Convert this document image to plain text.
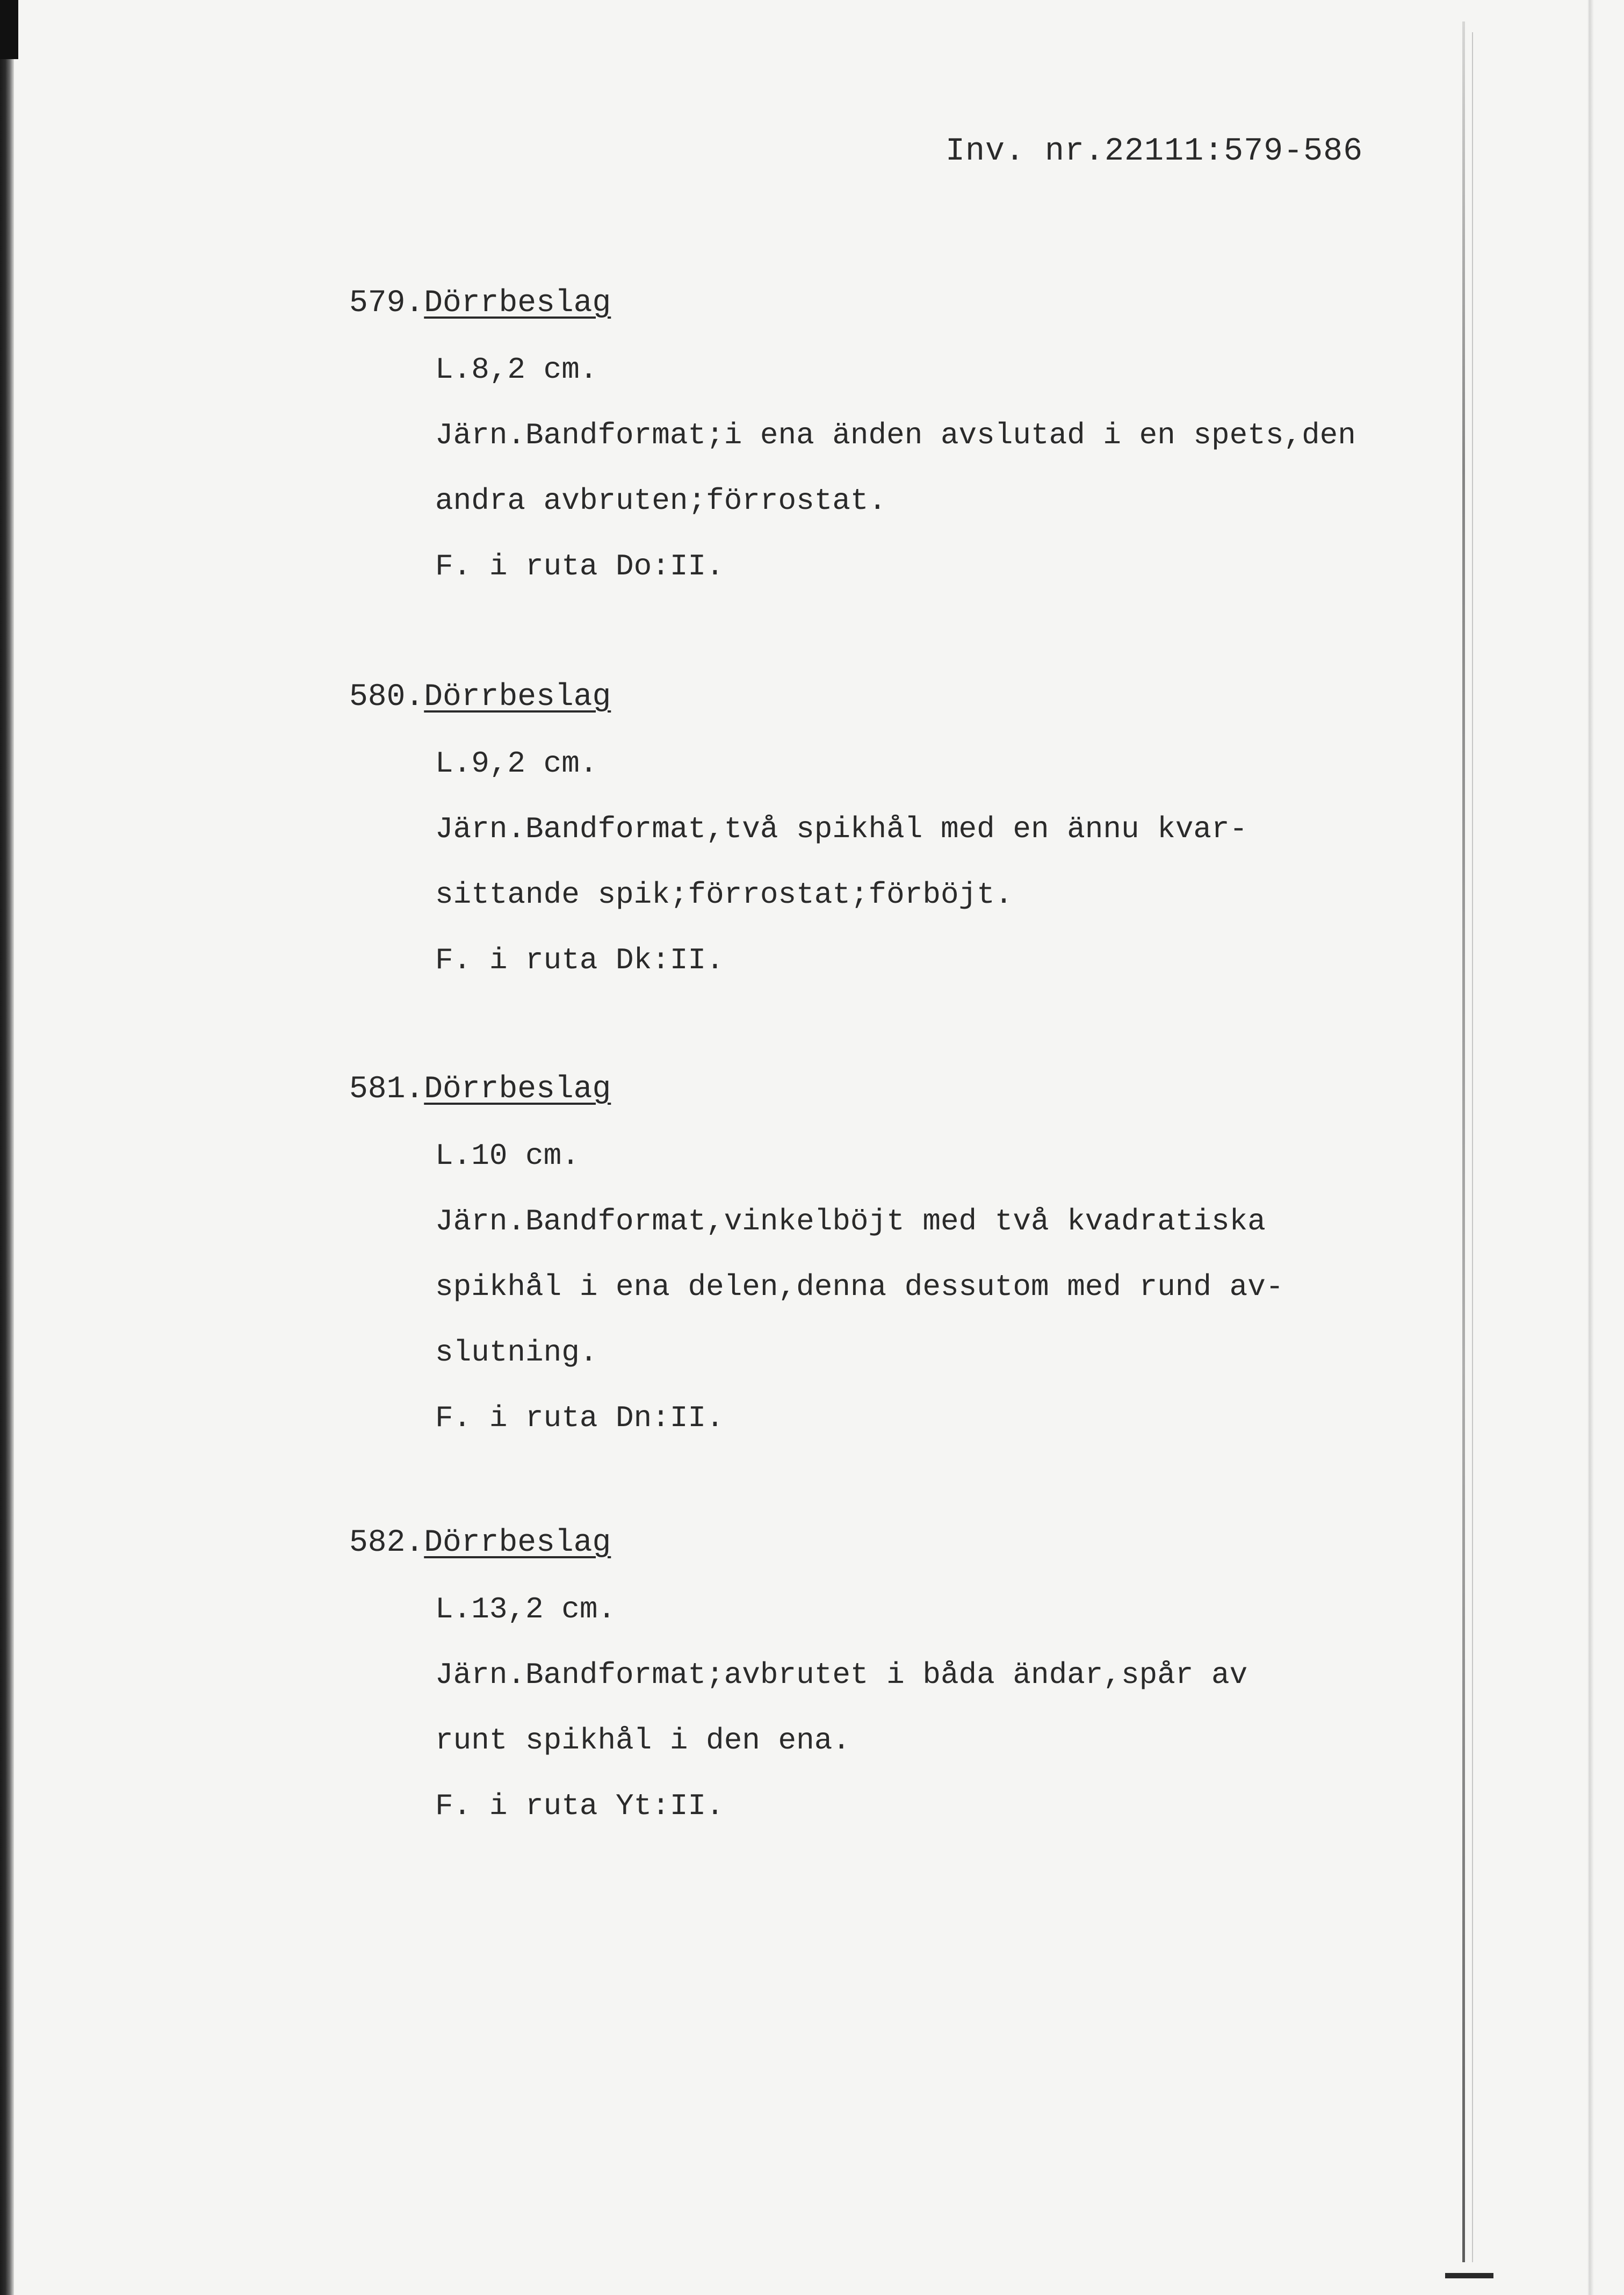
Inv. nr.22111:579-586
579.Dörrbeslag
L.8,2 cm.
Järn.Bandformat;i ena änden avslutad i en spets,den
andra avbruten;förrostat.
F. i ruta Do:II.
580.Dörrbeslag
L.9,2 cm.
Järn.Bandformat,två spikhål med en ännu kvar-
sittande spik;förrostat;förböjt.
F. i ruta Dk:II.
581.Dörrbeslag
L.10 cm.
Järn.Bandformat,vinkelböjt med två kvadratiska
spikhål i ena delen,denna dessutom med rund av-
slutning.
F. i ruta Dn:II.
582.Dörrbeslag
L.13,2 cm.
Järn.Bandformat;avbrutet i båda ändar,spår av
runt spikhål i den ena.
F. i ruta Yt:II.
